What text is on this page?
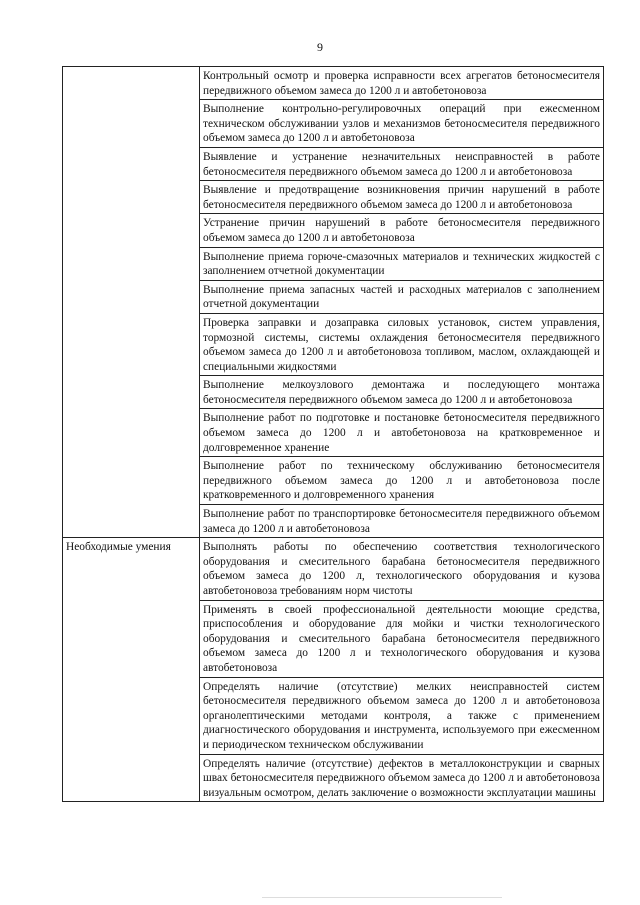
9
	Контрольный осмотр и проверка исправности всех агрегатов бетоносмесителя передвижного объемом замеса до 1200 л и автобетоновоза
	Выполнение контрольно-регулировочных операций при ежесменном техническом обслуживании узлов и механизмов бетоносмесителя передвижного объемом замеса до 1200 л и автобетоновоза
	Выявление и устранение незначительных неисправностей в работе бетоносмесителя передвижного объемом замеса до 1200 л и автобетоновоза
	Выявление и предотвращение возникновения причин нарушений в работе бетоносмесителя передвижного объемом замеса до 1200 л и автобетоновоза
	Устранение причин нарушений в работе бетоносмесителя передвижного объемом замеса до 1200 л и автобетоновоза
	Выполнение приема горюче-смазочных материалов и технических жидкостей с заполнением отчетной документации
	Выполнение приема запасных частей и расходных материалов с заполнением отчетной документации
	Проверка заправки и дозаправка силовых установок, систем управления, тормозной системы, системы охлаждения бетоносмесителя передвижного объемом замеса до 1200 л и автобетоновоза топливом, маслом, охлаждающей и специальными жидкостями
	Выполнение мелкоузлового демонтажа и последующего монтажа бетоносмесителя передвижного объемом замеса до 1200 л и автобетоновоза
	Выполнение работ по подготовке и постановке бетоносмесителя передвижного объемом замеса до 1200 л и автобетоновоза на кратковременное и долговременное хранение
	Выполнение работ по техническому обслуживанию бетоносмесителя передвижного объемом замеса до 1200 л и автобетоновоза после кратковременного и долговременного хранения
	Выполнение работ по транспортировке бетоносмесителя передвижного объемом замеса до 1200 л и автобетоновоза
Необходимые умения	Выполнять работы по обеспечению соответствия технологического оборудования и смесительного барабана бетоносмесителя передвижного объемом замеса до 1200 л, технологического оборудования и кузова автобетоновоза требованиям норм чистоты
	Применять в своей профессиональной деятельности моющие средства, приспособления и оборудование для мойки и чистки технологического оборудования и смесительного барабана бетоносмесителя передвижного объемом замеса до 1200 л и технологического оборудования и кузова автобетоновоза
	Определять наличие (отсутствие) мелких неисправностей систем бетоносмесителя передвижного объемом замеса до 1200 л и автобетоновоза органолептическими методами контроля, а также с применением диагностического оборудования и инструмента, используемого при ежесменном и периодическом техническом обслуживании
	Определять наличие (отсутствие) дефектов в металлоконструкции и сварных швах бетоносмесителя передвижного объемом замеса до 1200 л и автобетоновоза визуальным осмотром, делать заключение о возможности эксплуатации машины
